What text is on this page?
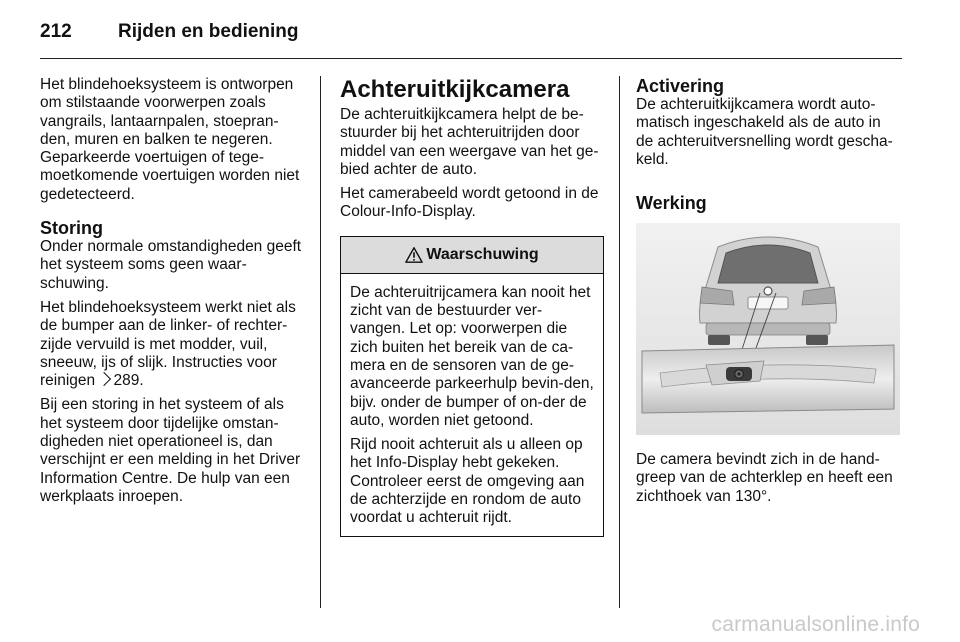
212	Rijden en bediening

Het blindehoeksysteem is ontworpen om stilstaande voorwerpen zoals vangrails, lantaarnpalen, stoepran-den, muren en balken te negeren. Geparkeerde voertuigen of tege-moetkomende voertuigen worden niet gedetecteerd.

Storing

Onder normale omstandigheden geeft het systeem soms geen waar-schuwing.

Het blindehoeksysteem werkt niet als de bumper aan de linker- of rechter-zijde vervuild is met modder, vuil, sneeuw, ijs of slijk. Instructies voor reinigen 289.

Bij een storing in het systeem of als het systeem door tijdelijke omstan-digheden niet operationeel is, dan verschijnt er een melding in het Driver Information Centre. De hulp van een werkplaats inroepen.

Achteruitkijkcamera

De achteruitkijkcamera helpt de be-stuurder bij het achteruitrijden door middel van een weergave van het ge-bied achter de auto.

Het camerabeeld wordt getoond in de Colour-Info-Display.

Waarschuwing

De achteruitrijcamera kan nooit het zicht van de bestuurder ver-vangen. Let op: voorwerpen die zich buiten het bereik van de ca-mera en de sensoren van de ge-avanceerde parkeerhulp bevin-den, bijv. onder de bumper of on-der de auto, worden niet getoond.

Rijd nooit achteruit als u alleen op het Info-Display hebt gekeken. Controleer eerst de omgeving aan de achterzijde en rondom de auto voordat u achteruit rijdt.

Activering

De achteruitkijkcamera wordt auto-matisch ingeschakeld als de auto in de achteruitversnelling wordt gescha-keld.

Werking

De camera bevindt zich in de hand-greep van de achterklep en heeft een zichthoek van 130°.

carmanualsonline.info
